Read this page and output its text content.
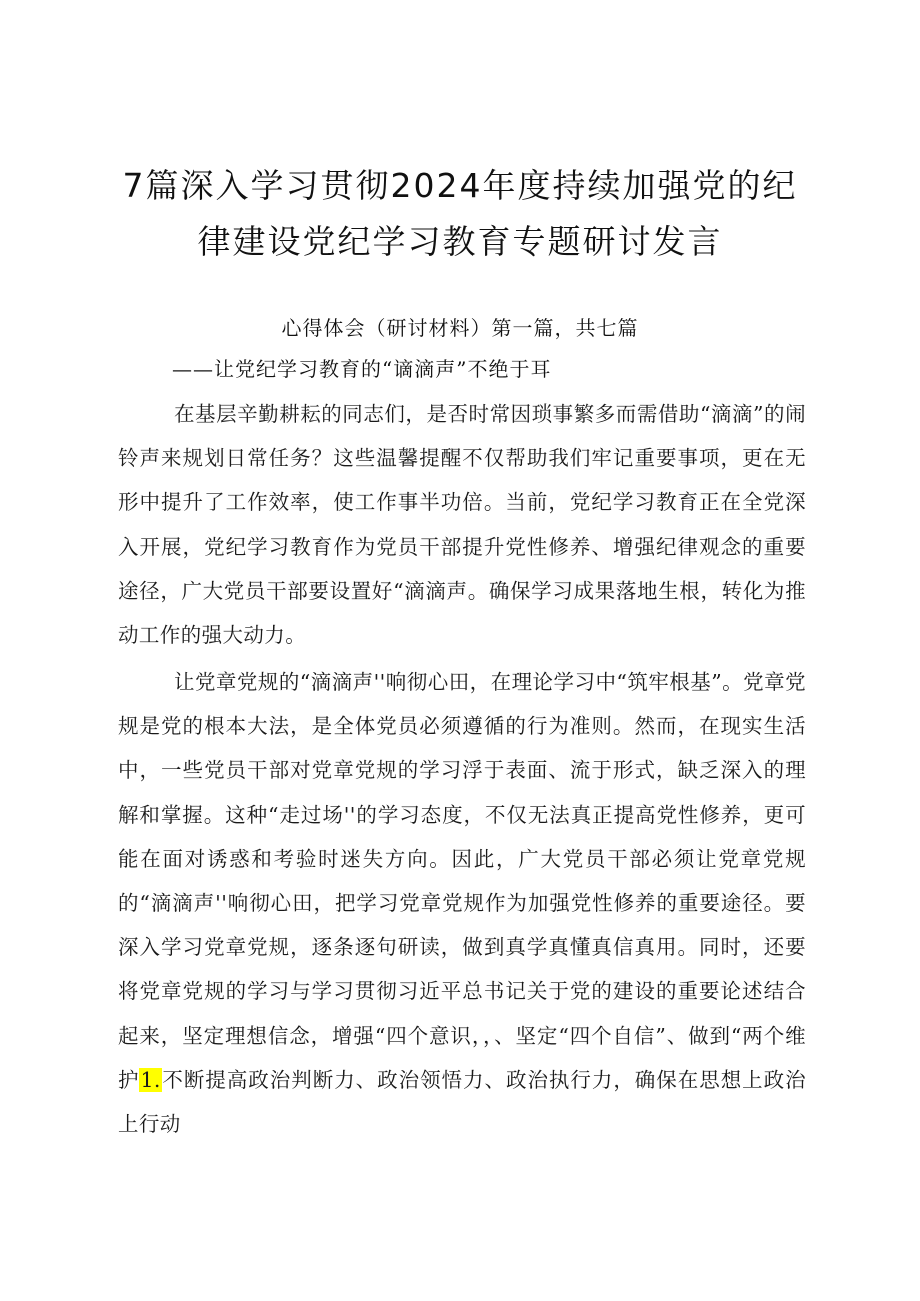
7篇深入学习贯彻2024年度持续加强党的纪
律建设党纪学习教育专题研讨发言
心得体会（研讨材料）第一篇，共七篇
——让党纪学习教育的“谪滴声”不绝于耳

在基层辛勤耕耘的同志们，是否时常因琐事繁多而需借助“滴滴”的闹铃声来规划日常任务？这些温馨提醒不仅帮助我们牢记重要事项，更在无形中提升了工作效率，使工作事半功倍。当前，党纪学习教育正在全党深入开展，党纪学习教育作为党员干部提升党性修养、增强纪律观念的重要途径，广大党员干部要设置好“滴滴声。确保学习成果落地生根，转化为推动工作的强大动力。

让党章党规的“滴滴声''响彻心田，在理论学习中“筑牢根基”。党章党规是党的根本大法，是全体党员必须遵循的行为准则。然而，在现实生活中，一些党员干部对党章党规的学习浮于表面、流于形式，缺乏深入的理解和掌握。这种“走过场''的学习态度，不仅无法真正提高党性修养，更可能在面对诱惑和考验时迷失方向。因此，广大党员干部必须让党章党规的“滴滴声''响彻心田，把学习党章党规作为加强党性修养的重要途径。要深入学习党章党规，逐条逐句研读，做到真学真懂真信真用。同时，还要将党章党规的学习与学习贯彻习近平总书记关于党的建设的重要论述结合起来，坚定理想信念，增强“四个意识，，、坚定“四个自信”、做到“两个维护1.不断提高政治判断力、政治领悟力、政治执行力，确保在思想上政治上行动
